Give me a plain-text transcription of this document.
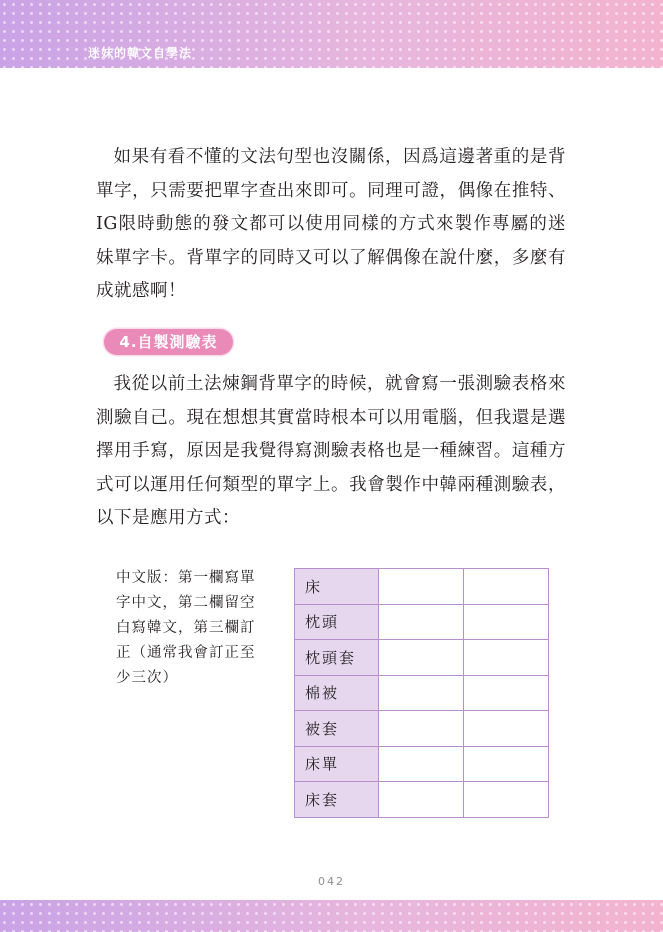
迷妹的韓文自學法

如果有看不懂的文法句型也沒關係，因爲這邊著重的是背單字，只需要把單字查出來即可。同理可證，偶像在推特、IG限時動態的發文都可以使用同樣的方式來製作專屬的迷妹單字卡。背單字的同時又可以了解偶像在說什麼，多麼有成就感啊！

4.自製測驗表

我從以前土法煉鋼背單字的時候，就會寫一張測驗表格來測驗自己。現在想想其實當時根本可以用電腦，但我還是選擇用手寫，原因是我覺得寫測驗表格也是一種練習。這種方式可以運用任何類型的單字上。我會製作中韓兩種測驗表，以下是應用方式：

中文版：第一欄寫單字中文，第二欄留空白寫韓文，第三欄訂正（通常我會訂正至少三次）
床		
枕頭		
枕頭套		
棉被		
被套		
床單		
床套		
042
